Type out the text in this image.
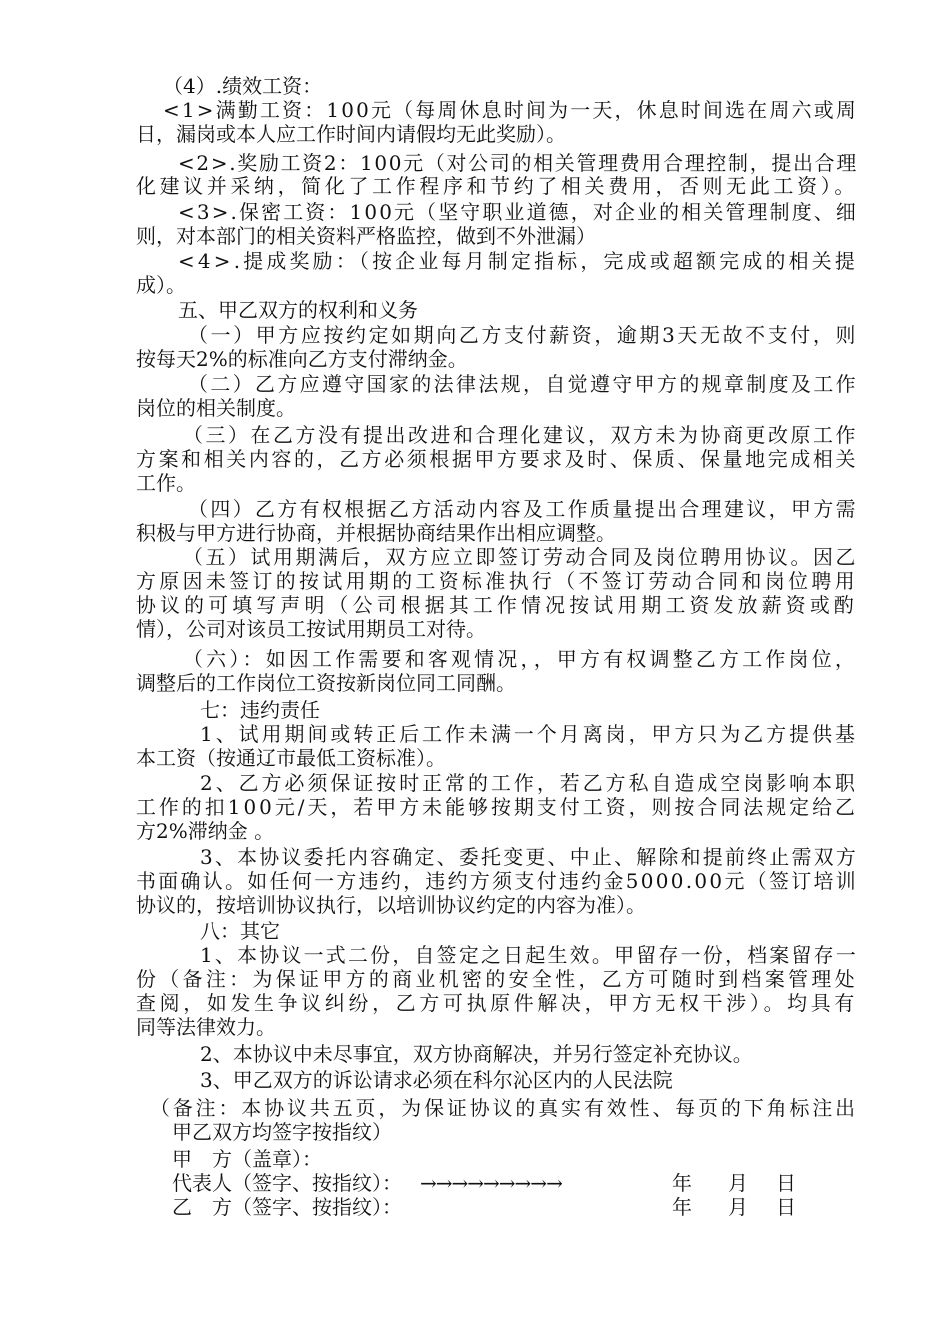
（4）.绩效工资：
<1>满勤工资：100元（每周休息时间为一天，休息时间选在周六或周
日，漏岗或本人应工作时间内请假均无此奖励）。
<2>.奖励工资2：100元（对公司的相关管理费用合理控制，提出合理
化建议并采纳，简化了工作程序和节约了相关费用，否则无此工资）。
<3>.保密工资：100元（坚守职业道德，对企业的相关管理制度、细
则，对本部门的相关资料严格监控，做到不外泄漏）
<4>.提成奖励：（按企业每月制定指标，完成或超额完成的相关提
成）。
五、甲乙双方的权利和义务
（一）甲方应按约定如期向乙方支付薪资，逾期3天无故不支付，则
按每天2%的标准向乙方支付滞纳金。
（二）乙方应遵守国家的法律法规，自觉遵守甲方的规章制度及工作
岗位的相关制度。
（三）在乙方没有提出改进和合理化建议，双方未为协商更改原工作
方案和相关内容的，乙方必须根据甲方要求及时、保质、保量地完成相关
工作。
（四）乙方有权根据乙方活动内容及工作质量提出合理建议，甲方需
积极与甲方进行协商，并根据协商结果作出相应调整。
（五）试用期满后，双方应立即签订劳动合同及岗位聘用协议。因乙
方原因未签订的按试用期的工资标准执行（不签订劳动合同和岗位聘用
协议的可填写声明（公司根据其工作情况按试用期工资发放薪资或酌
情），公司对该员工按试用期员工对待。
（六）：如因工作需要和客观情况，，甲方有权调整乙方工作岗位，
调整后的工作岗位工资按新岗位同工同酬。
七：违约责任
1、试用期间或转正后工作未满一个月离岗，甲方只为乙方提供基
本工资（按通辽市最低工资标准）。
2、乙方必须保证按时正常的工作，若乙方私自造成空岗影响本职
工作的扣100元/天，若甲方未能够按期支付工资，则按合同法规定给乙
方2%滞纳金 。
3、本协议委托内容确定、委托变更、中止、解除和提前终止需双方
书面确认。如任何一方违约，违约方须支付违约金5000.00元（签订培训
协议的，按培训协议执行，以培训协议约定的内容为准）。
八：其它
1、本协议一式二份，自签定之日起生效。甲留存一份，档案留存一
份（备注：为保证甲方的商业机密的安全性，乙方可随时到档案管理处
查阅，如发生争议纠纷，乙方可执原件解决，甲方无权干涉）。均具有
同等法律效力。
2、本协议中未尽事宜，双方协商解决，并另行签定补充协议。
3、甲乙双方的诉讼请求必须在科尔沁区内的人民法院
（备注：本协议共五页，为保证协议的真实有效性、每页的下角标注出
甲乙双方均签字按指纹）
甲　方（盖章）：
代表人（签字、按指纹）： →→→→→→→→→	年 月 日
乙　方（签字、按指纹）：	年 月 日
